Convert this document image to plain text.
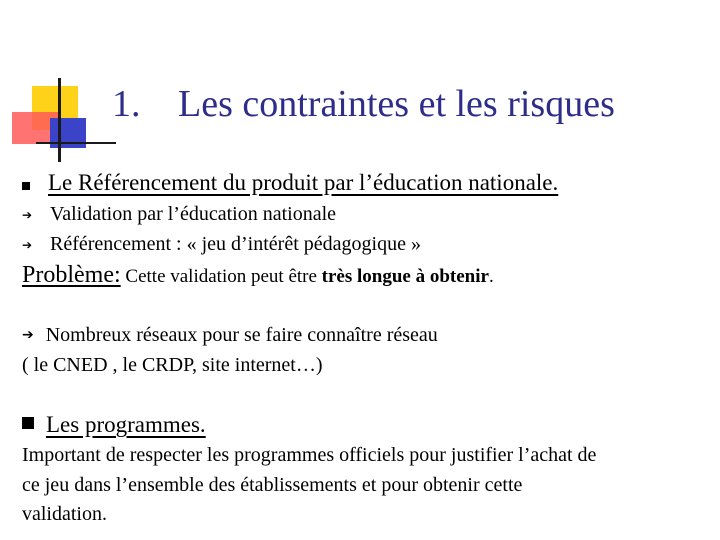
1. Les contraintes et les risques
Le Référencement du produit par l’éducation nationale.
➔ Validation par l’éducation nationale
➔ Référencement : « jeu d’intérêt pédagogique »
Problème: Cette validation peut être très longue à obtenir.
➔ Nombreux réseaux pour se faire connaître réseau
( le CNED , le CRDP, site internet…)
Les programmes.
Important de respecter les programmes officiels pour justifier l’achat de
ce jeu dans l’ensemble des établissements et pour obtenir cette
validation.
